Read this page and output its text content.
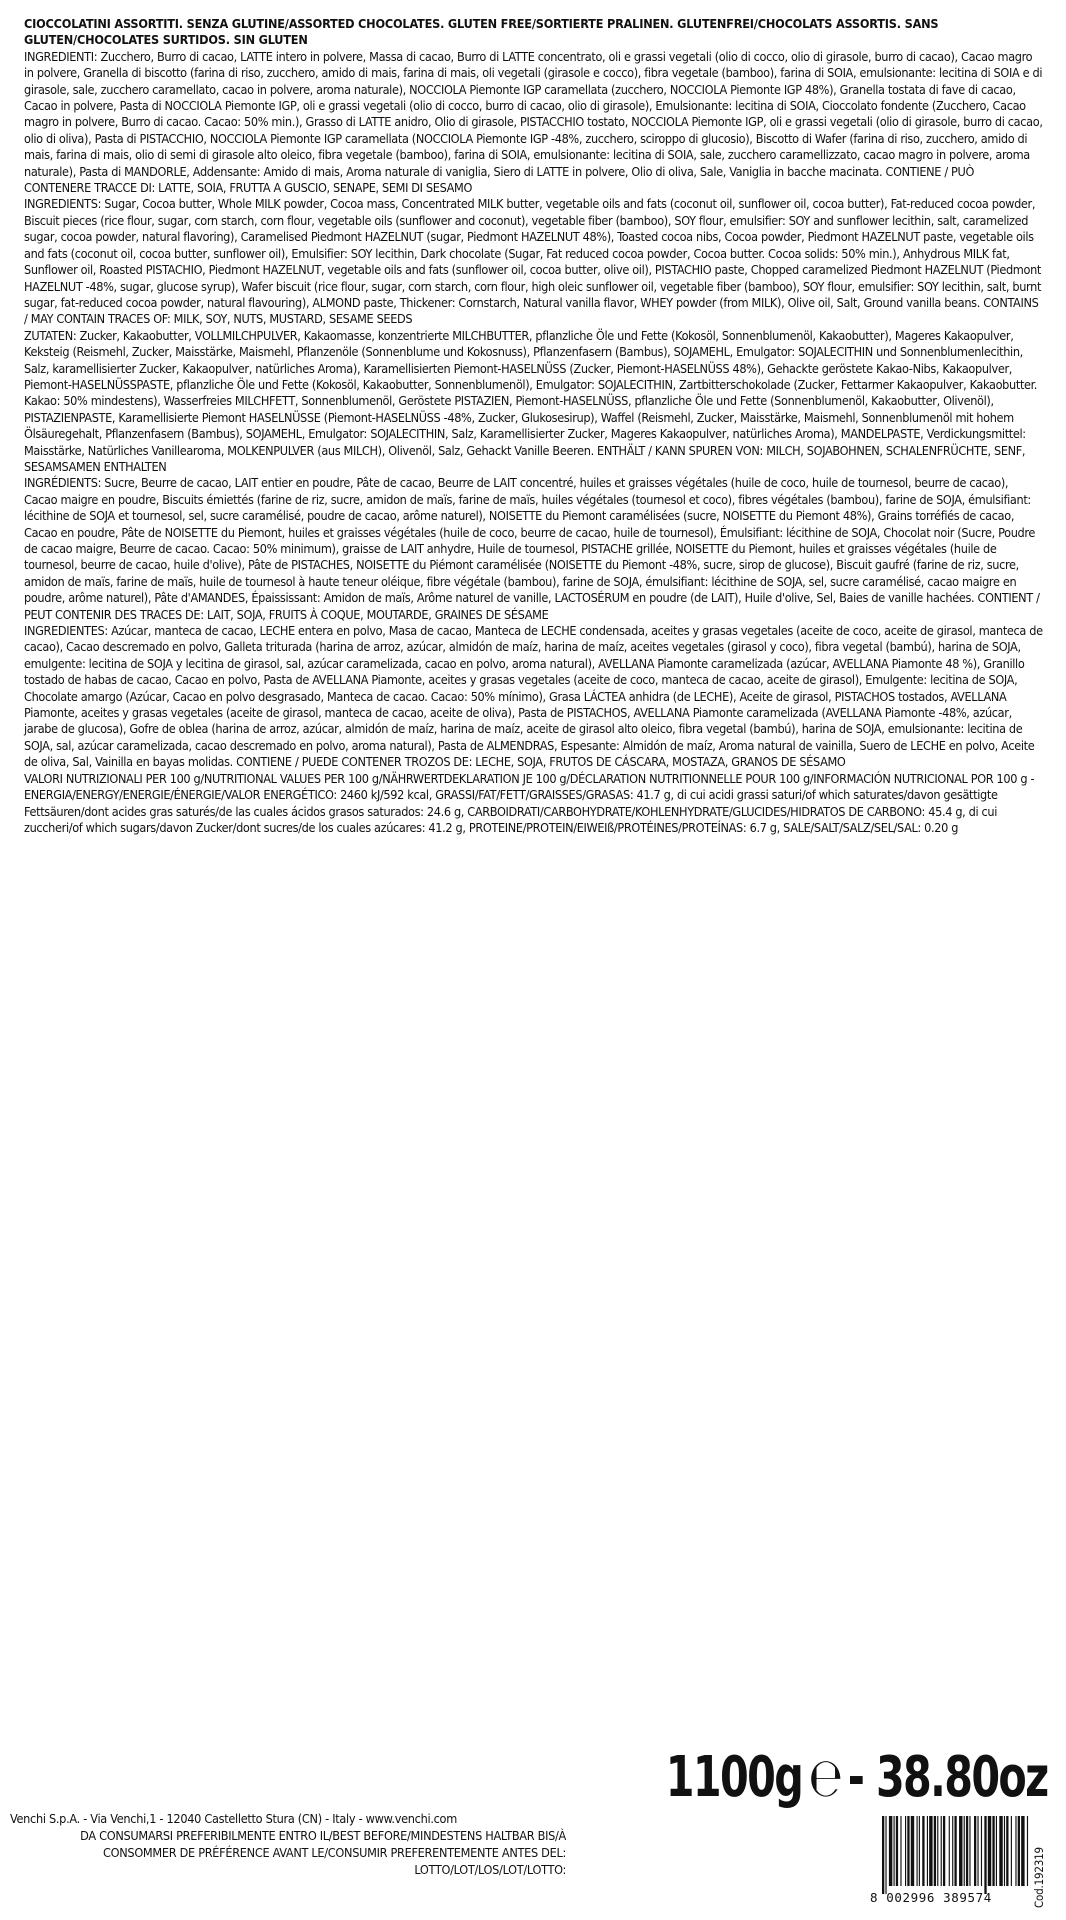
CIOCCOLATINI ASSORTITI. SENZA GLUTINE/ASSORTED CHOCOLATES. GLUTEN FREE/SORTIERTE PRALINEN. GLUTENFREI/CHOCOLATS ASSORTIS. SANS GLUTEN/CHOCOLATES SURTIDOS. SIN GLUTEN

INGREDIENTI: Zucchero, Burro di cacao, LATTE intero in polvere, Massa di cacao, Burro di LATTE concentrato, oli e grassi vegetali (olio di cocco, olio di girasole, burro di cacao), Cacao magro in polvere, Granella di biscotto (farina di riso, zucchero, amido di mais, farina di mais, oli vegetali (girasole e cocco), fibra vegetale (bamboo), farina di SOIA, emulsionante: lecitina di SOIA e di girasole, sale, zucchero caramellato, cacao in polvere, aroma naturale), NOCCIOLA Piemonte IGP caramellata (zucchero, NOCCIOLA Piemonte IGP 48%), Granella tostata di fave di cacao, Cacao in polvere, Pasta di NOCCIOLA Piemonte IGP, oli e grassi vegetali (olio di cocco, burro di cacao, olio di girasole), Emulsionante: lecitina di SOIA, Cioccolato fondente (Zucchero, Cacao magro in polvere, Burro di cacao. Cacao: 50% min.), Grasso di LATTE anidro, Olio di girasole, PISTACCHIO tostato, NOCCIOLA Piemonte IGP, oli e grassi vegetali (olio di girasole, burro di cacao, olio di oliva), Pasta di PISTACCHIO, NOCCIOLA Piemonte IGP caramellata (NOCCIOLA Piemonte IGP -48%, zucchero, sciroppo di glucosio), Biscotto di Wafer (farina di riso, zucchero, amido di mais, farina di mais, olio di semi di girasole alto oleico, fibra vegetale (bamboo), farina di SOIA, emulsionante: lecitina di SOIA, sale, zucchero caramellizzato, cacao magro in polvere, aroma naturale), Pasta di MANDORLE, Addensante: Amido di mais, Aroma naturale di vaniglia, Siero di LATTE in polvere, Olio di oliva, Sale, Vaniglia in bacche macinata. CONTIENE / PUÒ CONTENERE TRACCE DI: LATTE, SOIA, FRUTTA A GUSCIO, SENAPE, SEMI DI SESAMO

INGREDIENTS: Sugar, Cocoa butter, Whole MILK powder, Cocoa mass, Concentrated MILK butter, vegetable oils and fats (coconut oil, sunflower oil, cocoa butter), Fat-reduced cocoa powder, Biscuit pieces (rice flour, sugar, corn starch, corn flour, vegetable oils (sunflower and coconut), vegetable fiber (bamboo), SOY flour, emulsifier: SOY and sunflower lecithin, salt, caramelized sugar, cocoa powder, natural flavoring), Caramelised Piedmont HAZELNUT (sugar, Piedmont HAZELNUT 48%), Toasted cocoa nibs, Cocoa powder, Piedmont HAZELNUT paste, vegetable oils and fats (coconut oil, cocoa butter, sunflower oil), Emulsifier: SOY lecithin, Dark chocolate (Sugar, Fat reduced cocoa powder, Cocoa butter. Cocoa solids: 50% min.), Anhydrous MILK fat, Sunflower oil, Roasted PISTACHIO, Piedmont HAZELNUT, vegetable oils and fats (sunflower oil, cocoa butter, olive oil), PISTACHIO paste, Chopped caramelized Piedmont HAZELNUT (Piedmont HAZELNUT -48%, sugar, glucose syrup), Wafer biscuit (rice flour, sugar, corn starch, corn flour, high oleic sunflower oil, vegetable fiber (bamboo), SOY flour, emulsifier: SOY lecithin, salt, burnt sugar, fat-reduced cocoa powder, natural flavouring), ALMOND paste, Thickener: Cornstarch, Natural vanilla flavor, WHEY powder (from MILK), Olive oil, Salt, Ground vanilla beans. CONTAINS / MAY CONTAIN TRACES OF: MILK, SOY, NUTS, MUSTARD, SESAME SEEDS

ZUTATEN: Zucker, Kakaobutter, VOLLMILCHPULVER, Kakaomasse, konzentrierte MILCHBUTTER, pflanzliche Öle und Fette (Kokosöl, Sonnenblumenöl, Kakaobutter), Mageres Kakaopulver, Keksteig (Reismehl, Zucker, Maisstärke, Maismehl, Pflanzenöle (Sonnenblume und Kokosnuss), Pflanzenfasern (Bambus), SOJAMEHL, Emulgator: SOJALECITHIN und Sonnenblumenlecithin, Salz, karamellisierter Zucker, Kakaopulver, natürliches Aroma), Karamellisierten Piemont-HASELNÜSS (Zucker, Piemont-HASELNÜSS 48%), Gehackte geröstete Kakao-Nibs, Kakaopulver, Piemont-HASELNÜSSPASTE, pflanzliche Öle und Fette (Kokosöl, Kakaobutter, Sonnenblumenöl), Emulgator: SOJALECITHIN, Zartbitterschokolade (Zucker, Fettarmer Kakaopulver, Kakaobutter. Kakao: 50% mindestens), Wasserfreies MILCHFETT, Sonnenblumenöl, Geröstete PISTAZIEN, Piemont-HASELNÜSS, pflanzliche Öle und Fette (Sonnenblumenöl, Kakaobutter, Olivenöl), PISTAZIENPASTE, Karamellisierte Piemont HASELNÜSSE (Piemont-HASELNÜSS -48%, Zucker, Glukosesirup), Waffel (Reismehl, Zucker, Maisstärke, Maismehl, Sonnenblumenöl mit hohem Ölsäuregehalt, Pflanzenfasern (Bambus), SOJAMEHL, Emulgator: SOJALECITHIN, Salz, Karamellisierter Zucker, Mageres Kakaopulver, natürliches Aroma), MANDELPASTE, Verdickungsmittel: Maisstärke, Natürliches Vanillearoma, MOLKENPULVER (aus MILCH), Olivenöl, Salz, Gehackt Vanille Beeren. ENTHÄLT / KANN SPUREN VON: MILCH, SOJABOHNEN, SCHALENFRÜCHTE, SENF, SESAMSAMEN ENTHALTEN

INGRÉDIENTS: Sucre, Beurre de cacao, LAIT entier en poudre, Pâte de cacao, Beurre de LAIT concentré, huiles et graisses végétales (huile de coco, huile de tournesol, beurre de cacao), Cacao maigre en poudre, Biscuits émiettés (farine de riz, sucre, amidon de maïs, farine de maïs, huiles végétales (tournesol et coco), fibres végétales (bambou), farine de SOJA, émulsifiant: lécithine de SOJA et tournesol, sel, sucre caramélisé, poudre de cacao, arôme naturel), NOISETTE du Piemont caramélisées (sucre, NOISETTE du Piemont 48%), Grains torréfiés de cacao, Cacao en poudre, Pâte de NOISETTE du Piemont, huiles et graisses végétales (huile de coco, beurre de cacao, huile de tournesol), Émulsifiant: lécithine de SOJA, Chocolat noir (Sucre, Poudre de cacao maigre, Beurre de cacao. Cacao: 50% minimum), graisse de LAIT anhydre, Huile de tournesol, PISTACHE grillée, NOISETTE du Piemont, huiles et graisses végétales (huile de tournesol, beurre de cacao, huile d'olive), Pâte de PISTACHES, NOISETTE du Piémont caramélisée (NOISETTE du Piemont -48%, sucre, sirop de glucose), Biscuit gaufré (farine de riz, sucre, amidon de maïs, farine de maïs, huile de tournesol à haute teneur oléique, fibre végétale (bambou), farine de SOJA, émulsifiant: lécithine de SOJA, sel, sucre caramélisé, cacao maigre en poudre, arôme naturel), Pâte d'AMANDES, Épaississant: Amidon de maïs, Arôme naturel de vanille, LACTOSÉRUM en poudre (de LAIT), Huile d'olive, Sel, Baies de vanille hachées. CONTIENT / PEUT CONTENIR DES TRACES DE: LAIT, SOJA, FRUITS À COQUE, MOUTARDE, GRAINES DE SÉSAME

INGREDIENTES: Azúcar, manteca de cacao, LECHE entera en polvo, Masa de cacao, Manteca de LECHE condensada, aceites y grasas vegetales (aceite de coco, aceite de girasol, manteca de cacao), Cacao descremado en polvo, Galleta triturada (harina de arroz, azúcar, almidón de maíz, harina de maíz, aceites vegetales (girasol y coco), fibra vegetal (bambú), harina de SOJA, emulgente: lecitina de SOJA y lecitina de girasol, sal, azúcar caramelizada, cacao en polvo, aroma natural), AVELLANA Piamonte caramelizada (azúcar, AVELLANA Piamonte 48 %), Granillo tostado de habas de cacao, Cacao en polvo, Pasta de AVELLANA Piamonte, aceites y grasas vegetales (aceite de coco, manteca de cacao, aceite de girasol), Emulgente: lecitina de SOJA, Chocolate amargo (Azúcar, Cacao en polvo desgrasado, Manteca de cacao. Cacao: 50% mínimo), Grasa LÁCTEA anhidra (de LECHE), Aceite de girasol, PISTACHOS tostados, AVELLANA Piamonte, aceites y grasas vegetales (aceite de girasol, manteca de cacao, aceite de oliva), Pasta de PISTACHOS, AVELLANA Piamonte caramelizada (AVELLANA Piamonte -48%, azúcar, jarabe de glucosa), Gofre de oblea (harina de arroz, azúcar, almidón de maíz, harina de maíz, aceite de girasol alto oleico, fibra vegetal (bambú), harina de SOJA, emulsionante: lecitina de SOJA, sal, azúcar caramelizada, cacao descremado en polvo, aroma natural), Pasta de ALMENDRAS, Espesante: Almidón de maíz, Aroma natural de vainilla, Suero de LECHE en polvo, Aceite de oliva, Sal, Vainilla en bayas molidas. CONTIENE / PUEDE CONTENER TROZOS DE: LECHE, SOJA, FRUTOS DE CÁSCARA, MOSTAZA, GRANOS DE SÉSAMO

VALORI NUTRIZIONALI PER 100 g/NUTRITIONAL VALUES PER 100 g/NÄHRWERTDEKLARATION JE 100 g/DÉCLARATION NUTRITIONNELLE POUR 100 g/INFORMACIÓN NUTRICIONAL POR 100 g - ENERGIA/ENERGY/ENERGIE/ÉNERGIE/VALOR ENERGÉTICO: 2460 kJ/592 kcal, GRASSI/FAT/FETT/GRAISSES/GRASAS: 41.7 g, di cui acidi grassi saturi/of which saturates/davon gesättigte Fettsäuren/dont acides gras saturés/de las cuales ácidos grasos saturados: 24.6 g, CARBOIDRATI/CARBOHYDRATE/KOHLENHYDRATE/GLUCIDES/HIDRATOS DE CARBONO: 45.4 g, di cui zuccheri/of which sugars/davon Zucker/dont sucres/de los cuales azúcares: 41.2 g, PROTEINE/PROTEIN/EIWEIß/PROTÉINES/PROTEÍNAS: 6.7 g, SALE/SALT/SALZ/SEL/SAL: 0.20 g

1100g ℮ - 38.80oz
Venchi S.p.A. - Via Venchi,1 - 12040 Castelletto Stura (CN) - Italy - www.venchi.com
DA CONSUMARSI PREFERIBILMENTE ENTRO IL/BEST BEFORE/MINDESTENS HALTBAR BIS/À
CONSOMMER DE PRÉFÉRENCE AVANT LE/CONSUMIR PREFERENTEMENTE ANTES DEL:
LOTTO/LOT/LOS/LOT/LOTTO:
8 002996 389574	Cod.192319
